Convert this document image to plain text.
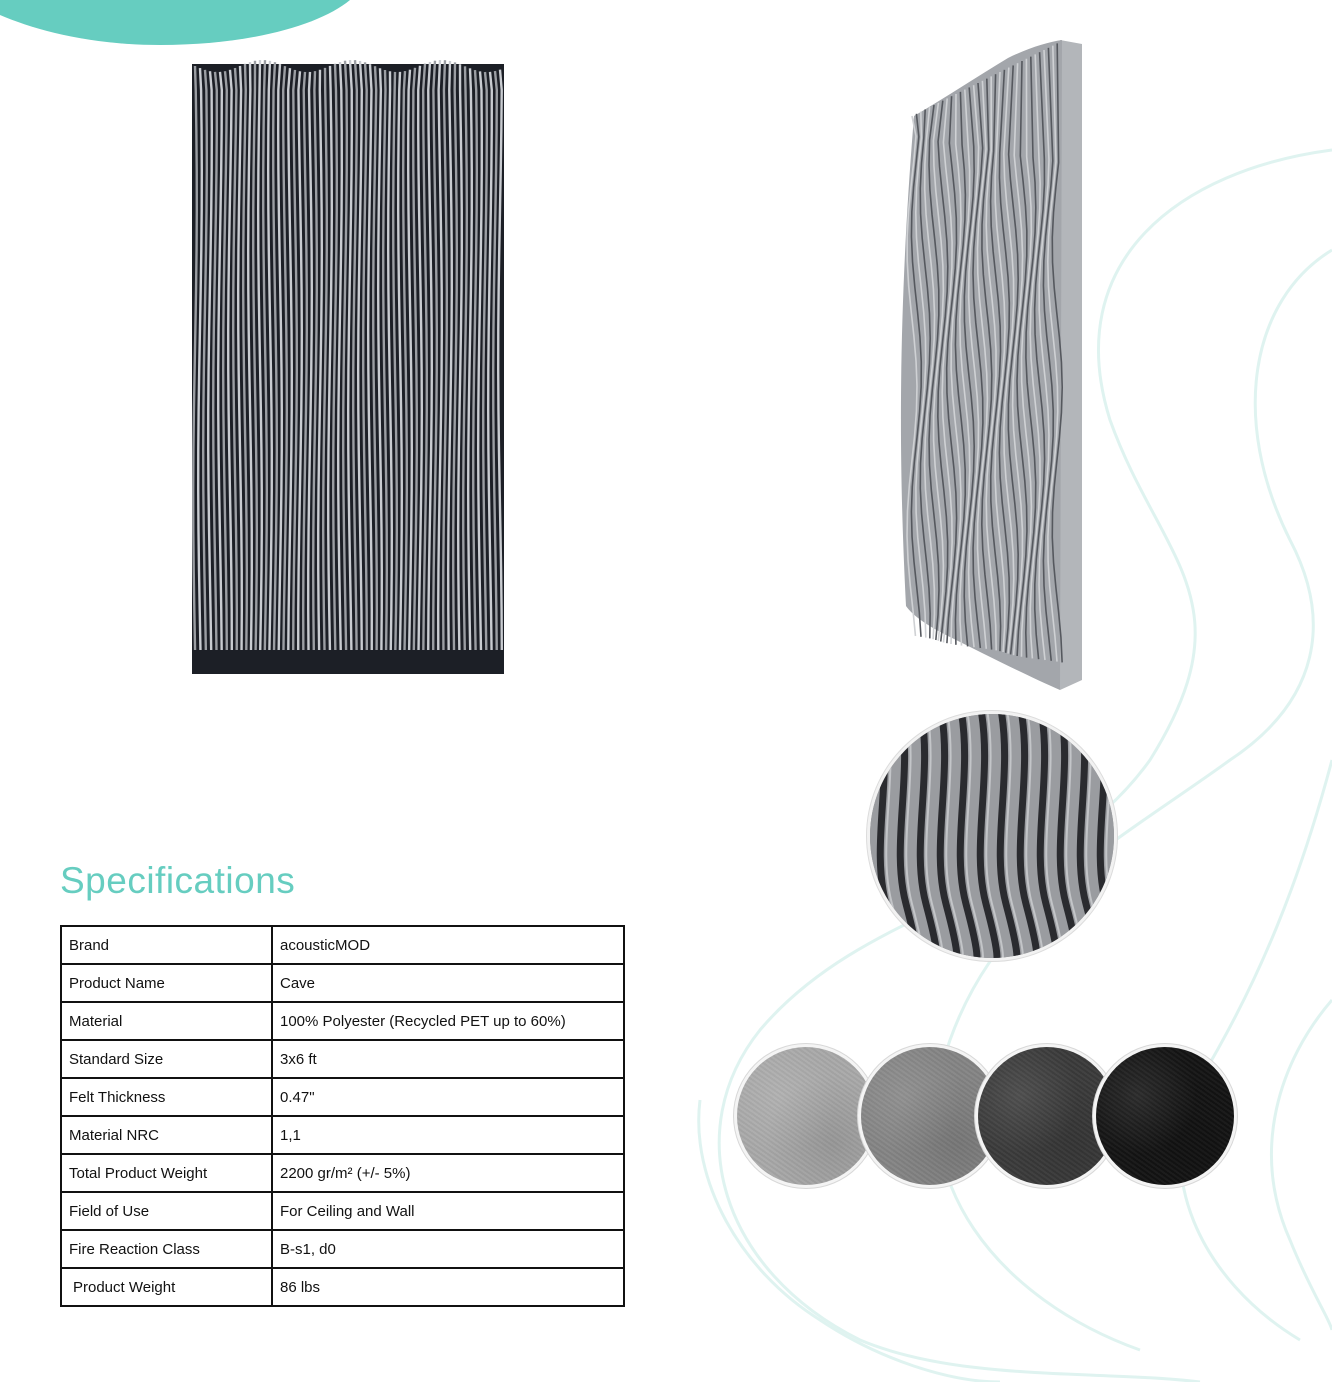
Specifications
Brand	acousticMOD
Product Name	Cave
Material	100% Polyester (Recycled PET up to 60%)
Standard Size	3x6 ft
Felt Thickness	0.47"
Material NRC	1,1
Total Product Weight	2200 gr/m² (+/- 5%)
Field of Use	For Ceiling and Wall
Fire Reaction Class	B-s1, d0
Product Weight	86 lbs
